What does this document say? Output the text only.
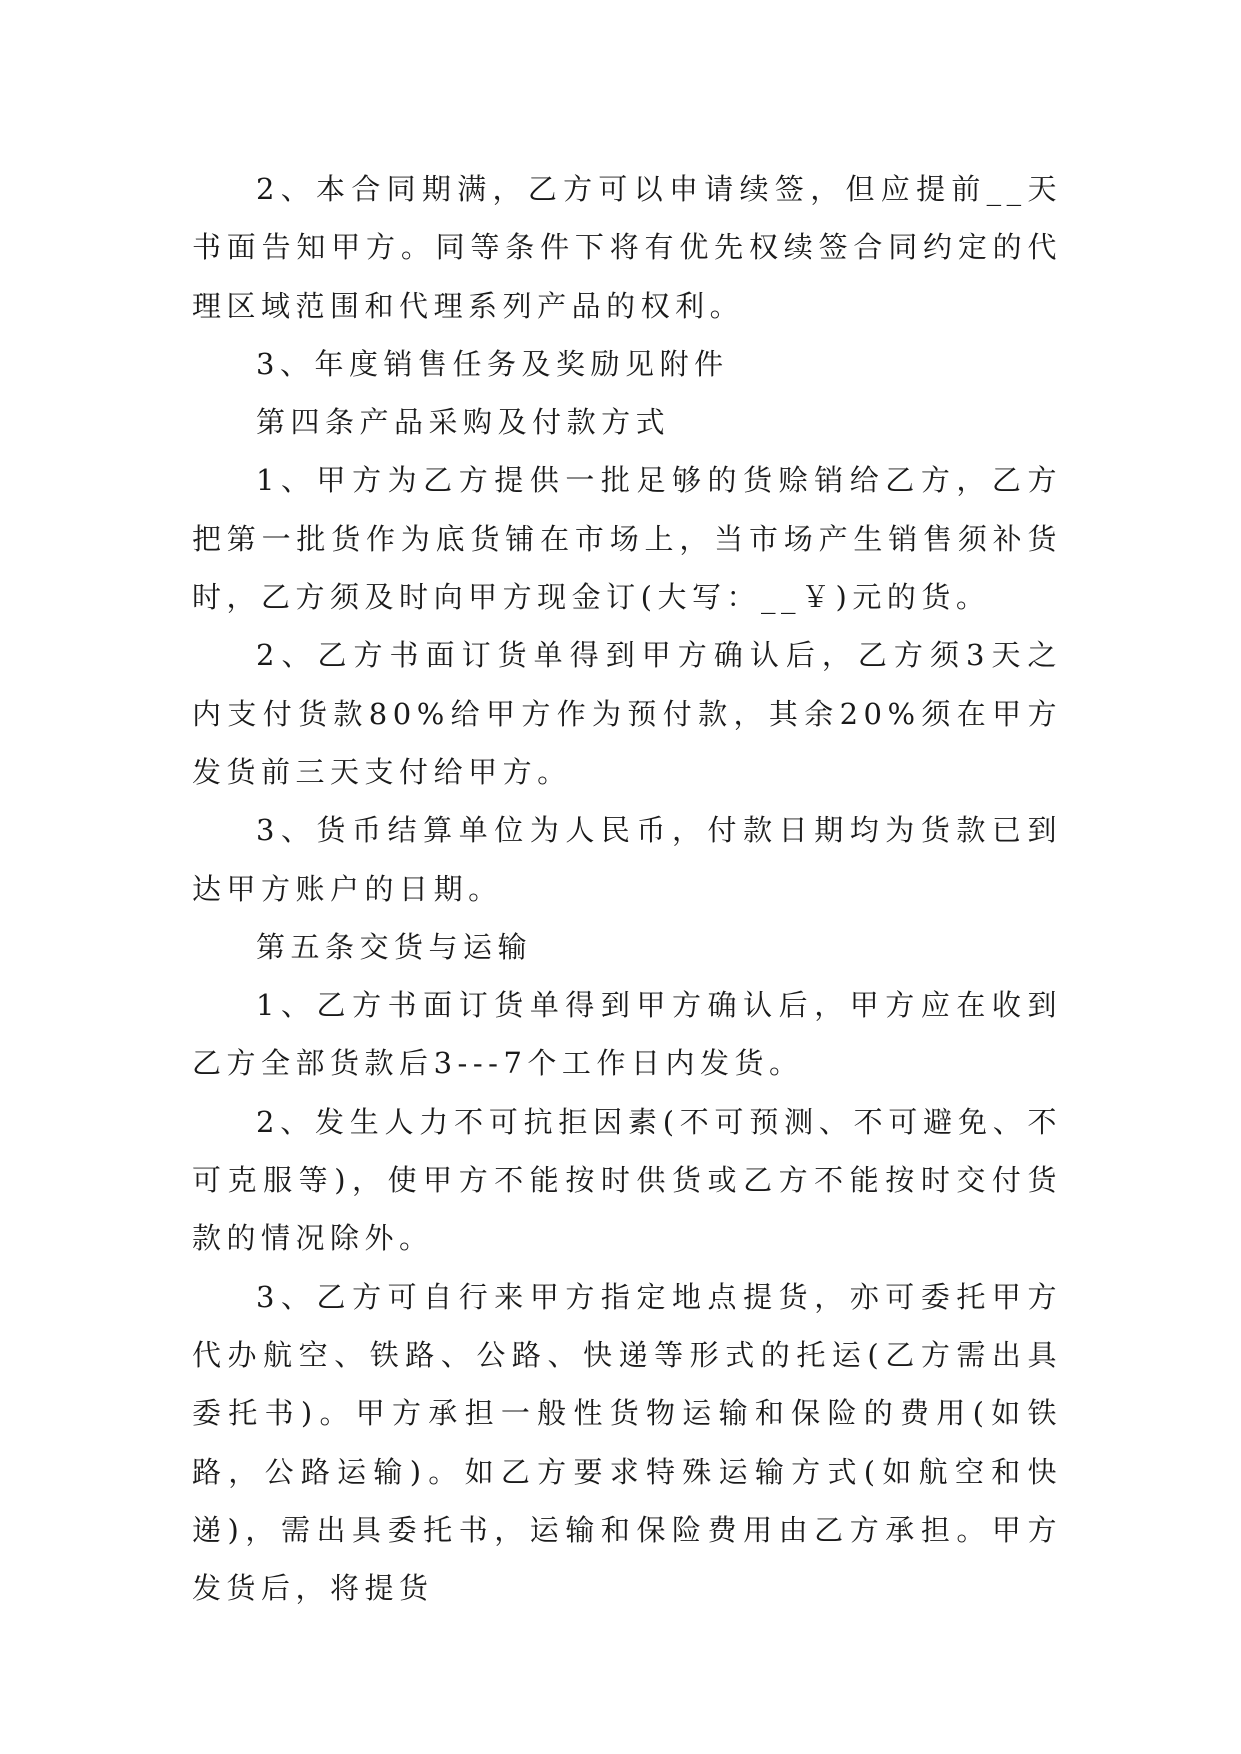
2、本合同期满，乙方可以申请续签，但应提前__天书面告知甲方。同等条件下将有优先权续签合同约定的代理区域范围和代理系列产品的权利。

3、年度销售任务及奖励见附件

第四条产品采购及付款方式

1、甲方为乙方提供一批足够的货赊销给乙方，乙方把第一批货作为底货铺在市场上，当市场产生销售须补货时，乙方须及时向甲方现金订(大写：__￥)元的货。

2、乙方书面订货单得到甲方确认后，乙方须3天之内支付货款80%给甲方作为预付款，其余20%须在甲方发货前三天支付给甲方。

3、货币结算单位为人民币，付款日期均为货款已到达甲方账户的日期。

第五条交货与运输

1、乙方书面订货单得到甲方确认后，甲方应在收到乙方全部货款后3---7个工作日内发货。

2、发生人力不可抗拒因素(不可预测、不可避免、不可克服等)，使甲方不能按时供货或乙方不能按时交付货款的情况除外。

3、乙方可自行来甲方指定地点提货，亦可委托甲方代办航空、铁路、公路、快递等形式的托运(乙方需出具委托书)。甲方承担一般性货物运输和保险的费用(如铁路，公路运输)。如乙方要求特殊运输方式(如航空和快递)，需出具委托书，运输和保险费用由乙方承担。甲方发货后，将提货
